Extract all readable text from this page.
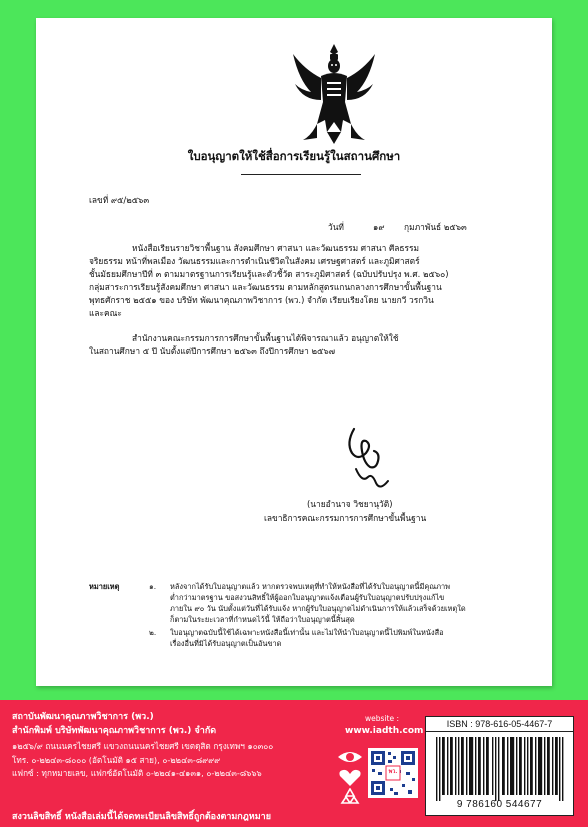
ใบอนุญาตให้ใช้สื่อการเรียนรู้ในสถานศึกษา
เลขที่ ๙๕/๒๕๖๓
วันที่	๑๙ กุมภาพันธ์ ๒๕๖๓
หนังสือเรียนรายวิชาพื้นฐาน สังคมศึกษา ศาสนา และวัฒนธรรม ศาสนา ศีลธรรม
จริยธรรม หน้าที่พลเมือง วัฒนธรรมและการดำเนินชีวิตในสังคม เศรษฐศาสตร์ และภูมิศาสตร์
ชั้นมัธยมศึกษาปีที่ ๓ ตามมาตรฐานการเรียนรู้และตัวชี้วัด สาระภูมิศาสตร์ (ฉบับปรับปรุง พ.ศ. ๒๕๖๐)
กลุ่มสาระการเรียนรู้สังคมศึกษา ศาสนา และวัฒนธรรม ตามหลักสูตรแกนกลางการศึกษาขั้นพื้นฐาน
พุทธศักราช ๒๕๕๑ ของ บริษัท พัฒนาคุณภาพวิชาการ (พว.) จำกัด เรียบเรียงโดย นายกวี วรกวิน
และคณะ
สำนักงานคณะกรรมการการศึกษาขั้นพื้นฐานได้พิจารณาแล้ว อนุญาตให้ใช้
ในสถานศึกษา ๕ ปี นับตั้งแต่ปีการศึกษา ๒๕๖๓ ถึงปีการศึกษา ๒๕๖๗
(นายอำนาจ วิชยานุวัติ)
เลขาธิการคณะกรรมการการศึกษาขั้นพื้นฐาน
หมายเหตุ	๑. หลังจากได้รับใบอนุญาตแล้ว หากตรวจพบเหตุที่ทำให้หนังสือที่ได้รับใบอนุญาตนี้มีคุณภาพ
ต่ำกว่ามาตรฐาน ขอสงวนสิทธิ์ให้ผู้ออกใบอนุญาตแจ้งเตือนผู้รับใบอนุญาตปรับปรุงแก้ไข
ภายใน ๙๐ วัน นับตั้งแต่วันที่ได้รับแจ้ง หากผู้รับใบอนุญาตไม่ดำเนินการให้แล้วเสร็จด้วยเหตุใด
ก็ตามในระยะเวลาที่กำหนดไว้นี้ ให้ถือว่าใบอนุญาตนี้สิ้นสุด
๒. ใบอนุญาตฉบับนี้ใช้ได้เฉพาะหนังสือนี้เท่านั้น และไม่ให้นำใบอนุญาตนี้ไปพิมพ์ในหนังสือ
เรื่องอื่นที่มิได้รับอนุญาตเป็นอันขาด
สถาบันพัฒนาคุณภาพวิชาการ (พว.)
สำนักพิมพ์ บริษัทพัฒนาคุณภาพวิชาการ (พว.) จำกัด
๑๒๕๖/๙ ถนนนครไชยศรี แขวงถนนนครไชยศรี เขตดุสิต กรุงเทพฯ ๑๐๓๐๐
โทร. ๐-๒๒๔๓-๘๐๐๐ (อัตโนมัติ ๑๕ สาย), ๐-๒๒๔๓-๘๙๙๙
แฟกซ์ : ทุกหมายเลข, แฟกซ์อัตโนมัติ ๐-๒๒๔๑-๔๑๓๑, ๐-๒๒๔๓-๘๖๖๖
website :
www.iadth.com
พว.
ISBN : 978-616-05-4467-7
9 786160 544677
สงวนลิขสิทธิ์ หนังสือเล่มนี้ได้จดทะเบียนลิขสิทธิ์ถูกต้องตามกฎหมาย
